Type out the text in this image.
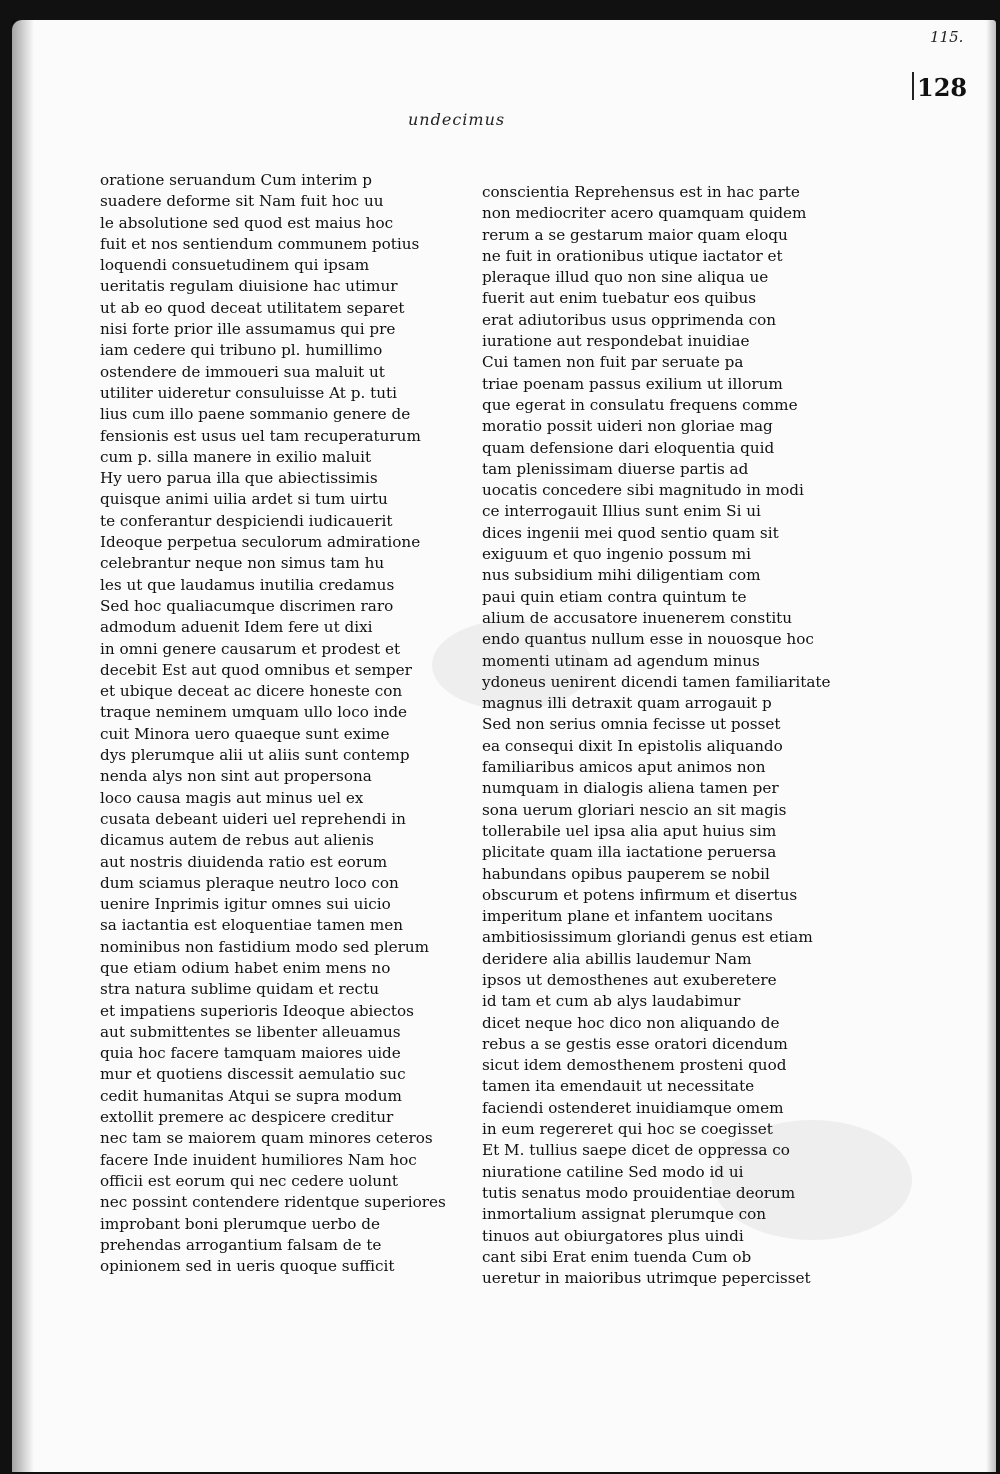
115.
128
undecimus
oratione seruandum Cum interim p
suadere deforme sit Nam fuit hoc uu
le absolutione sed quod est maius hoc
fuit et nos sentiendum communem potius
loquendi consuetudinem qui ipsam
ueritatis regulam diuisione hac utimur
ut ab eo quod deceat utilitatem separet
nisi forte prior ille assumamus qui pre
iam cedere qui tribuno pl. humillimo
ostendere de immoueri sua maluit ut
utiliter uideretur consuluisse At p. tuti
lius cum illo paene sommanio genere de
fensionis est usus uel tam recuperaturum
cum p. silla manere in exilio maluit
Hy uero parua illa que abiectissimis
quisque animi uilia ardet si tum uirtu
te conferantur despiciendi iudicauerit
Ideoque perpetua seculorum admiratione
celebrantur neque non simus tam hu
les ut que laudamus inutilia credamus
Sed hoc qualiacumque discrimen raro
admodum aduenit Idem fere ut dixi
in omni genere causarum et prodest et
decebit Est aut quod omnibus et semper
et ubique deceat ac dicere honeste con
traque neminem umquam ullo loco inde
cuit Minora uero quaeque sunt exime
dys plerumque alii ut aliis sunt contemp
nenda alys non sint aut propersona
loco causa magis aut minus uel ex
cusata debeant uideri uel reprehendi in
dicamus autem de rebus aut alienis
aut nostris diuidenda ratio est eorum
dum sciamus pleraque neutro loco con
uenire Inprimis igitur omnes sui uicio
sa iactantia est eloquentiae tamen men
nominibus non fastidium modo sed plerum
que etiam odium habet enim mens no
stra natura sublime quidam et rectu
et impatiens superioris Ideoque abiectos
aut submittentes se libenter alleuamus
quia hoc facere tamquam maiores uide
mur et quotiens discessit aemulatio suc
cedit humanitas Atqui se supra modum
extollit premere ac despicere creditur
nec tam se maiorem quam minores ceteros
facere Inde inuident humiliores Nam hoc
officii est eorum qui nec cedere uolunt
nec possint contendere ridentque superiores
improbant boni plerumque uerbo de
prehendas arrogantium falsam de te
opinionem sed in ueris quoque sufficit
conscientia Reprehensus est in hac parte
non mediocriter acero quamquam quidem
rerum a se gestarum maior quam eloqu
ne fuit in orationibus utique iactator et
pleraque illud quo non sine aliqua ue
fuerit aut enim tuebatur eos quibus
erat adiutoribus usus opprimenda con
iuratione aut respondebat inuidiae
Cui tamen non fuit par seruate pa
triae poenam passus exilium ut illorum
que egerat in consulatu frequens comme
moratio possit uideri non gloriae mag
quam defensione dari eloquentia quid
tam plenissimam diuerse partis ad
uocatis concedere sibi magnitudo in modi
ce interrogauit Illius sunt enim Si ui
dices ingenii mei quod sentio quam sit
exiguum et quo ingenio possum mi
nus subsidium mihi diligentiam com
paui quin etiam contra quintum te
alium de accusatore inuenerem constitu
endo quantus nullum esse in nouosque hoc
momenti utinam ad agendum minus
ydoneus uenirent dicendi tamen familiaritate
magnus illi detraxit quam arrogauit p
Sed non serius omnia fecisse ut posset
ea consequi dixit In epistolis aliquando
familiaribus amicos aput animos non
numquam in dialogis aliena tamen per
sona uerum gloriari nescio an sit magis
tollerabile uel ipsa alia aput huius sim
plicitate quam illa iactatione peruersa
habundans opibus pauperem se nobil
obscurum et potens infirmum et disertus
imperitum plane et infantem uocitans
ambitiosissimum gloriandi genus est etiam
deridere alia abillis laudemur Nam
ipsos ut demosthenes aut exuberetere
id tam et cum ab alys laudabimur
dicet neque hoc dico non aliquando de
rebus a se gestis esse oratori dicendum
sicut idem demosthenem prosteni quod
tamen ita emendauit ut necessitate
faciendi ostenderet inuidiamque omem
in eum regereret qui hoc se coegisset
Et M. tullius saepe dicet de oppressa co
niuratione catiline Sed modo id ui
tutis senatus modo prouidentiae deorum
inmortalium assignat plerumque con
tinuos aut obiurgatores plus uindi
cant sibi Erat enim tuenda Cum ob
ueretur in maioribus utrimque pepercisset
